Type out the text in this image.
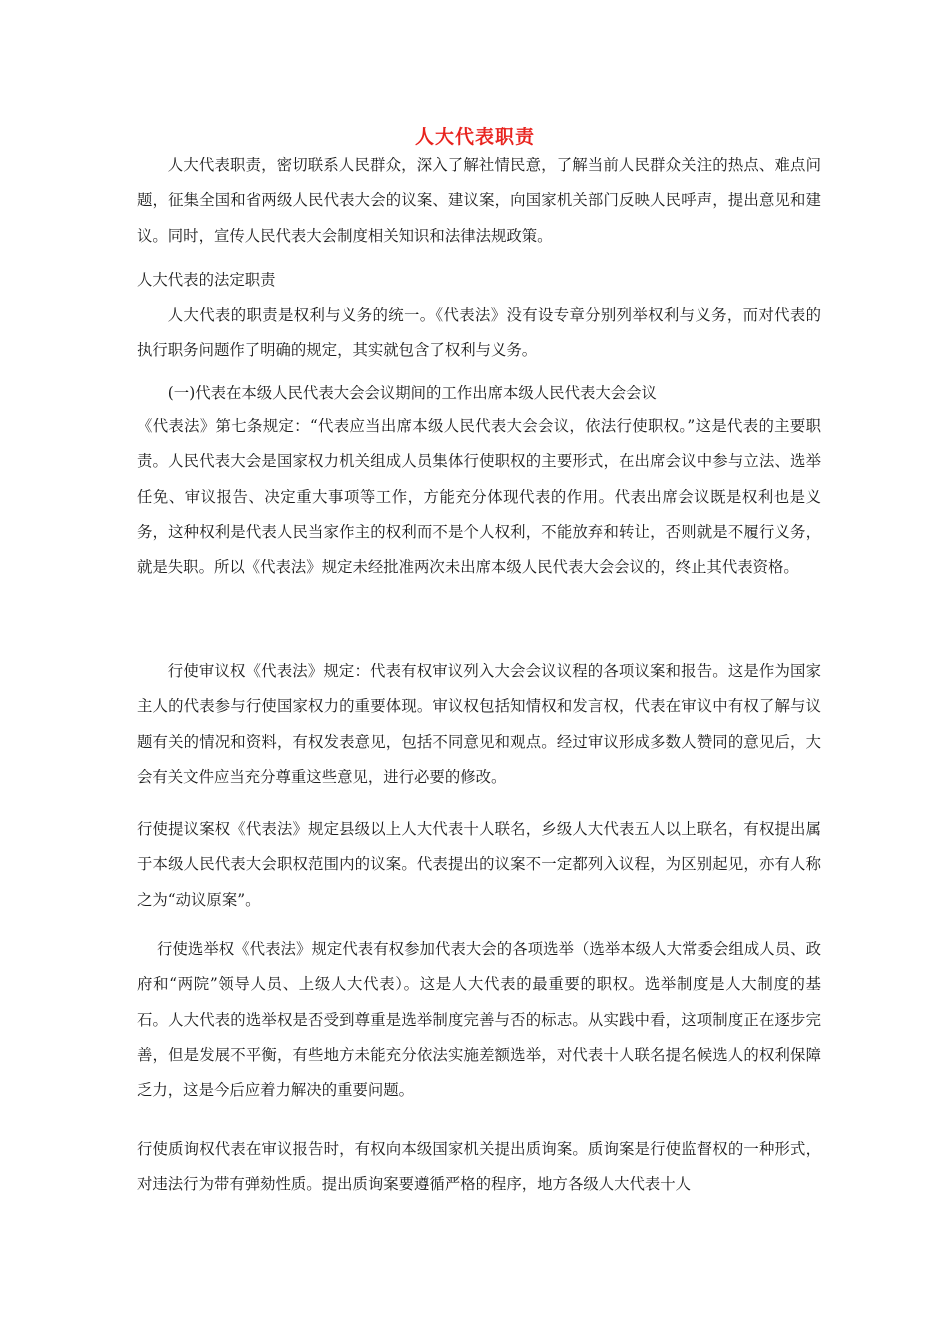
人大代表职责

人大代表职责，密切联系人民群众，深入了解社情民意，了解当前人民群众关注的热点、难点问题，征集全国和省两级人民代表大会的议案、建议案，向国家机关部门反映人民呼声，提出意见和建议。同时，宣传人民代表大会制度相关知识和法律法规政策。

人大代表的法定职责

人大代表的职责是权利与义务的统一。《代表法》没有设专章分别列举权利与义务，而对代表的执行职务问题作了明确的规定，其实就包含了权利与义务。

(一)代表在本级人民代表大会会议期间的工作出席本级人民代表大会会议

《代表法》第七条规定：“代表应当出席本级人民代表大会会议，依法行使职权。”这是代表的主要职责。人民代表大会是国家权力机关组成人员集体行使职权的主要形式，在出席会议中参与立法、选举任免、审议报告、决定重大事项等工作，方能充分体现代表的作用。代表出席会议既是权利也是义务，这种权利是代表人民当家作主的权利而不是个人权利，不能放弃和转让，否则就是不履行义务，就是失职。所以《代表法》规定未经批准两次未出席本级人民代表大会会议的，终止其代表资格。

行使审议权《代表法》规定：代表有权审议列入大会会议议程的各项议案和报告。这是作为国家主人的代表参与行使国家权力的重要体现。审议权包括知情权和发言权，代表在审议中有权了解与议题有关的情况和资料，有权发表意见，包括不同意见和观点。经过审议形成多数人赞同的意见后，大会有关文件应当充分尊重这些意见，进行必要的修改。

行使提议案权《代表法》规定县级以上人大代表十人联名，乡级人大代表五人以上联名，有权提出属于本级人民代表大会职权范围内的议案。代表提出的议案不一定都列入议程，为区别起见，亦有人称之为“动议原案”。

行使选举权《代表法》规定代表有权参加代表大会的各项选举（选举本级人大常委会组成人员、政府和“两院”领导人员、上级人大代表）。这是人大代表的最重要的职权。选举制度是人大制度的基石。人大代表的选举权是否受到尊重是选举制度完善与否的标志。从实践中看，这项制度正在逐步完善，但是发展不平衡，有些地方未能充分依法实施差额选举，对代表十人联名提名候选人的权利保障乏力，这是今后应着力解决的重要问题。

行使质询权代表在审议报告时，有权向本级国家机关提出质询案。质询案是行使监督权的一种形式，对违法行为带有弹劾性质。提出质询案要遵循严格的程序，地方各级人大代表十人
